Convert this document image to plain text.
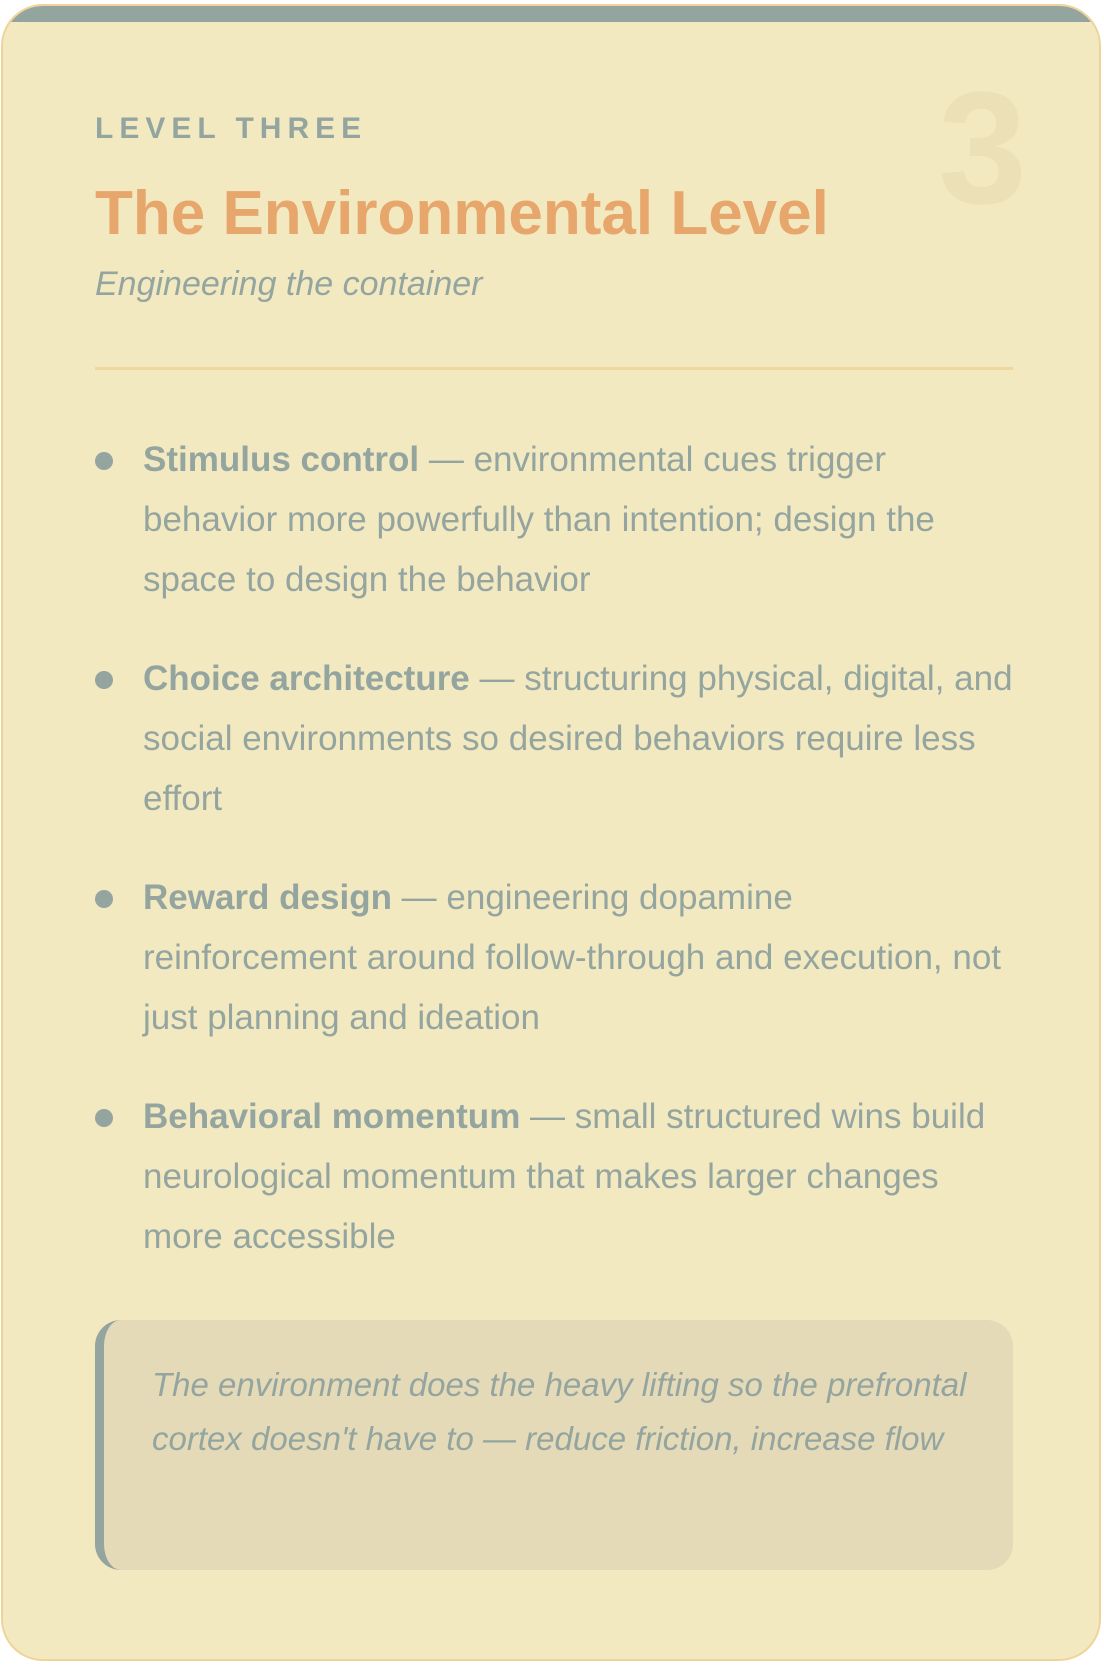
3
LEVEL THREE
The Environmental Level
Engineering the container
Stimulus control — environmental cues trigger behavior more powerfully than intention; design the space to design the behavior
Choice architecture — structuring physical, digital, and social environments so desired behaviors require less effort
Reward design — engineering dopamine reinforcement around follow-through and execution, not just planning and ideation
Behavioral momentum — small structured wins build neurological momentum that makes larger changes more accessible
The environment does the heavy lifting so the prefrontal cortex doesn't have to — reduce friction, increase flow
